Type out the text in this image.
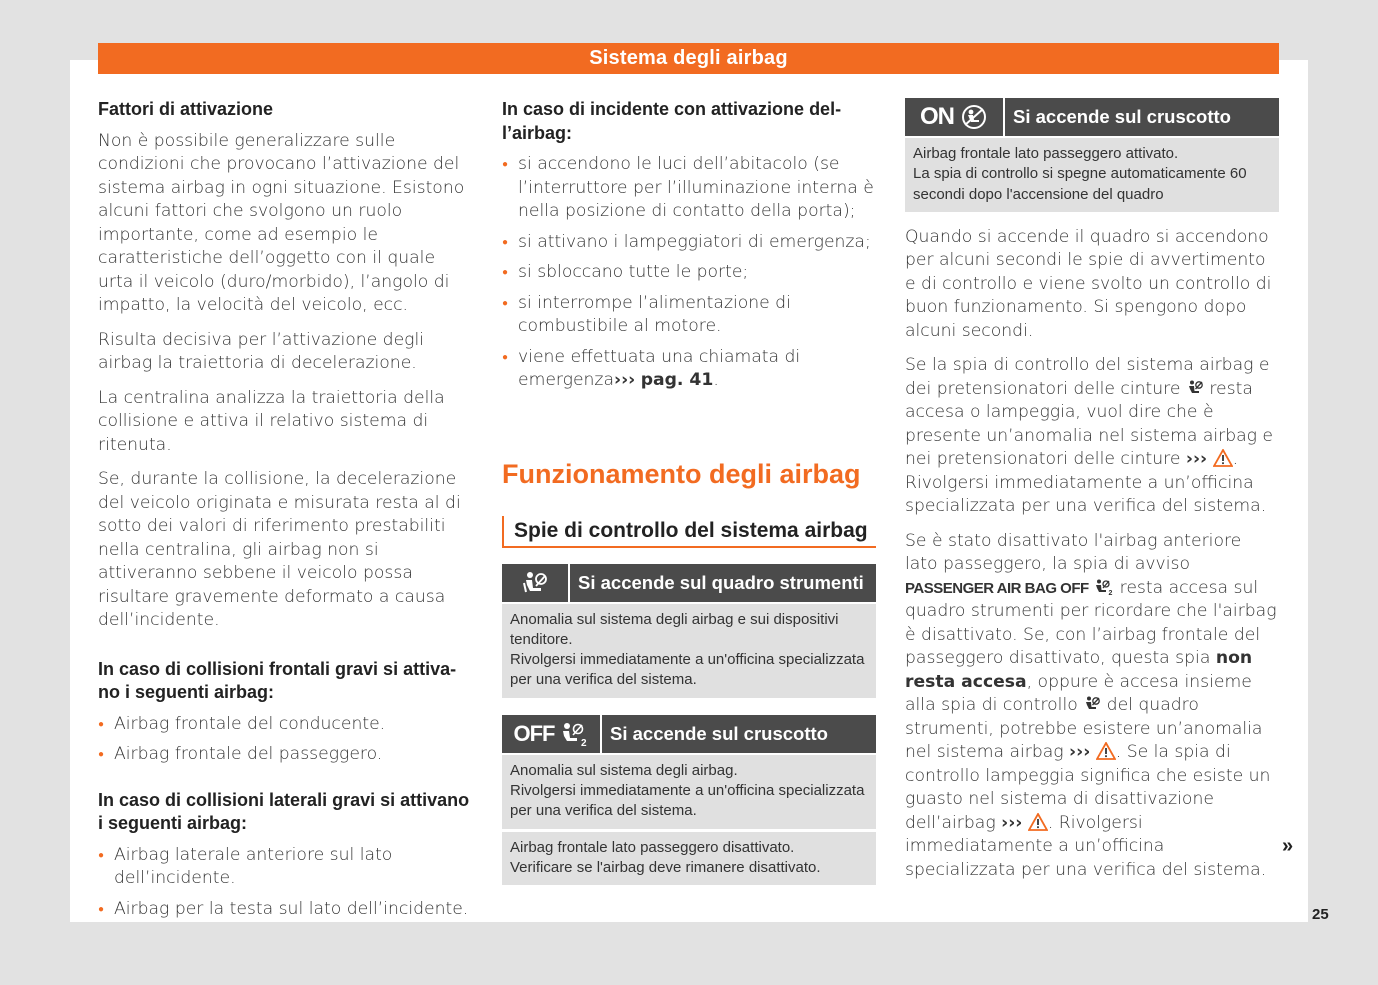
Sistema degli airbag
Fattori di attivazione
Non è possibile generalizzare sulle condizioni che provocano l’attivazione del sistema airbag in ogni situazione. Esistono alcuni fattori che svolgono un ruolo importante, come ad esempio le caratteristiche dell’oggetto con il quale urta il veicolo (duro/morbido), l’angolo di impatto, la velocità del veicolo, ecc.
Risulta decisiva per l’attivazione degli airbag la traiettoria di decelerazione.
La centralina analizza la traiettoria della collisione e attiva il relativo sistema di ritenuta.
Se, durante la collisione, la decelerazione del veicolo originata e misurata resta al di sotto dei valori di riferimento prestabiliti nella centralina, gli airbag non si attiveranno sebbene il veicolo possa risultare gravemente deformato a causa dell’incidente.
In caso di collisioni frontali gravi si attivano i seguenti airbag:
● Airbag frontale del conducente.
● Airbag frontale del passeggero.
In caso di collisioni laterali gravi si attivano i seguenti airbag:
● Airbag laterale anteriore sul lato dell’incidente.
● Airbag per la testa sul lato dell’incidente.
In caso di incidente con attivazione dell’airbag:
● si accendono le luci dell’abitacolo (se l’interruttore per l’illuminazione interna è nella posizione di contatto della porta);
● si attivano i lampeggiatori di emergenza;
● si sbloccano tutte le porte;
● si interrompe l’alimentazione di combustibile al motore.
● viene effettuata una chiamata di emergenza››› pag. 41.
Funzionamento degli airbag
Spie di controllo del sistema airbag
Si accende sul quadro strumenti
Anomalia sul sistema degli airbag e sui dispositivi tenditore.
Rivolgersi immediatamente a un'officina specializzata per una verifica del sistema.
OFF	2	Si accende sul cruscotto
Anomalia sul sistema degli airbag.
Rivolgersi immediatamente a un'officina specializzata per una verifica del sistema.
Airbag frontale lato passeggero disattivato.
Verificare se l'airbag deve rimanere disattivato.
ON	Si accende sul cruscotto
Airbag frontale lato passeggero attivato.
La spia di controllo si spegne automaticamente 60 secondi dopo l'accensione del quadro
Quando si accende il quadro si accendono per alcuni secondi le spie di avvertimento e di controllo e viene svolto un controllo di buon funzionamento. Si spengono dopo alcuni secondi.
Se la spia di controllo del sistema airbag e dei pretensionatori delle cinture resta accesa o lampeggia, vuol dire che è presente un’anomalia nel sistema airbag e nei pretensionatori delle cinture ››› . Rivolgersi immediatamente a un’officina specializzata per una verifica del sistema.
Se è stato disattivato l'airbag anteriore lato passeggero, la spia di avviso PASSENGER AIR BAG OFF	2 resta accesa sul quadro strumenti per ricordare che l'airbag è disattivato. Se, con l’airbag frontale del passeggero disattivato, questa spia non resta accesa, oppure è accesa insieme alla spia di controllo del quadro strumenti, potrebbe esistere un’anomalia nel sistema airbag ››› . Se la spia di controllo lampeggia significa che esiste un guasto nel sistema di disattivazione dell’airbag ››› . Rivolgersi immediatamente a un’officina specializzata per una verifica del sistema.
»
25
